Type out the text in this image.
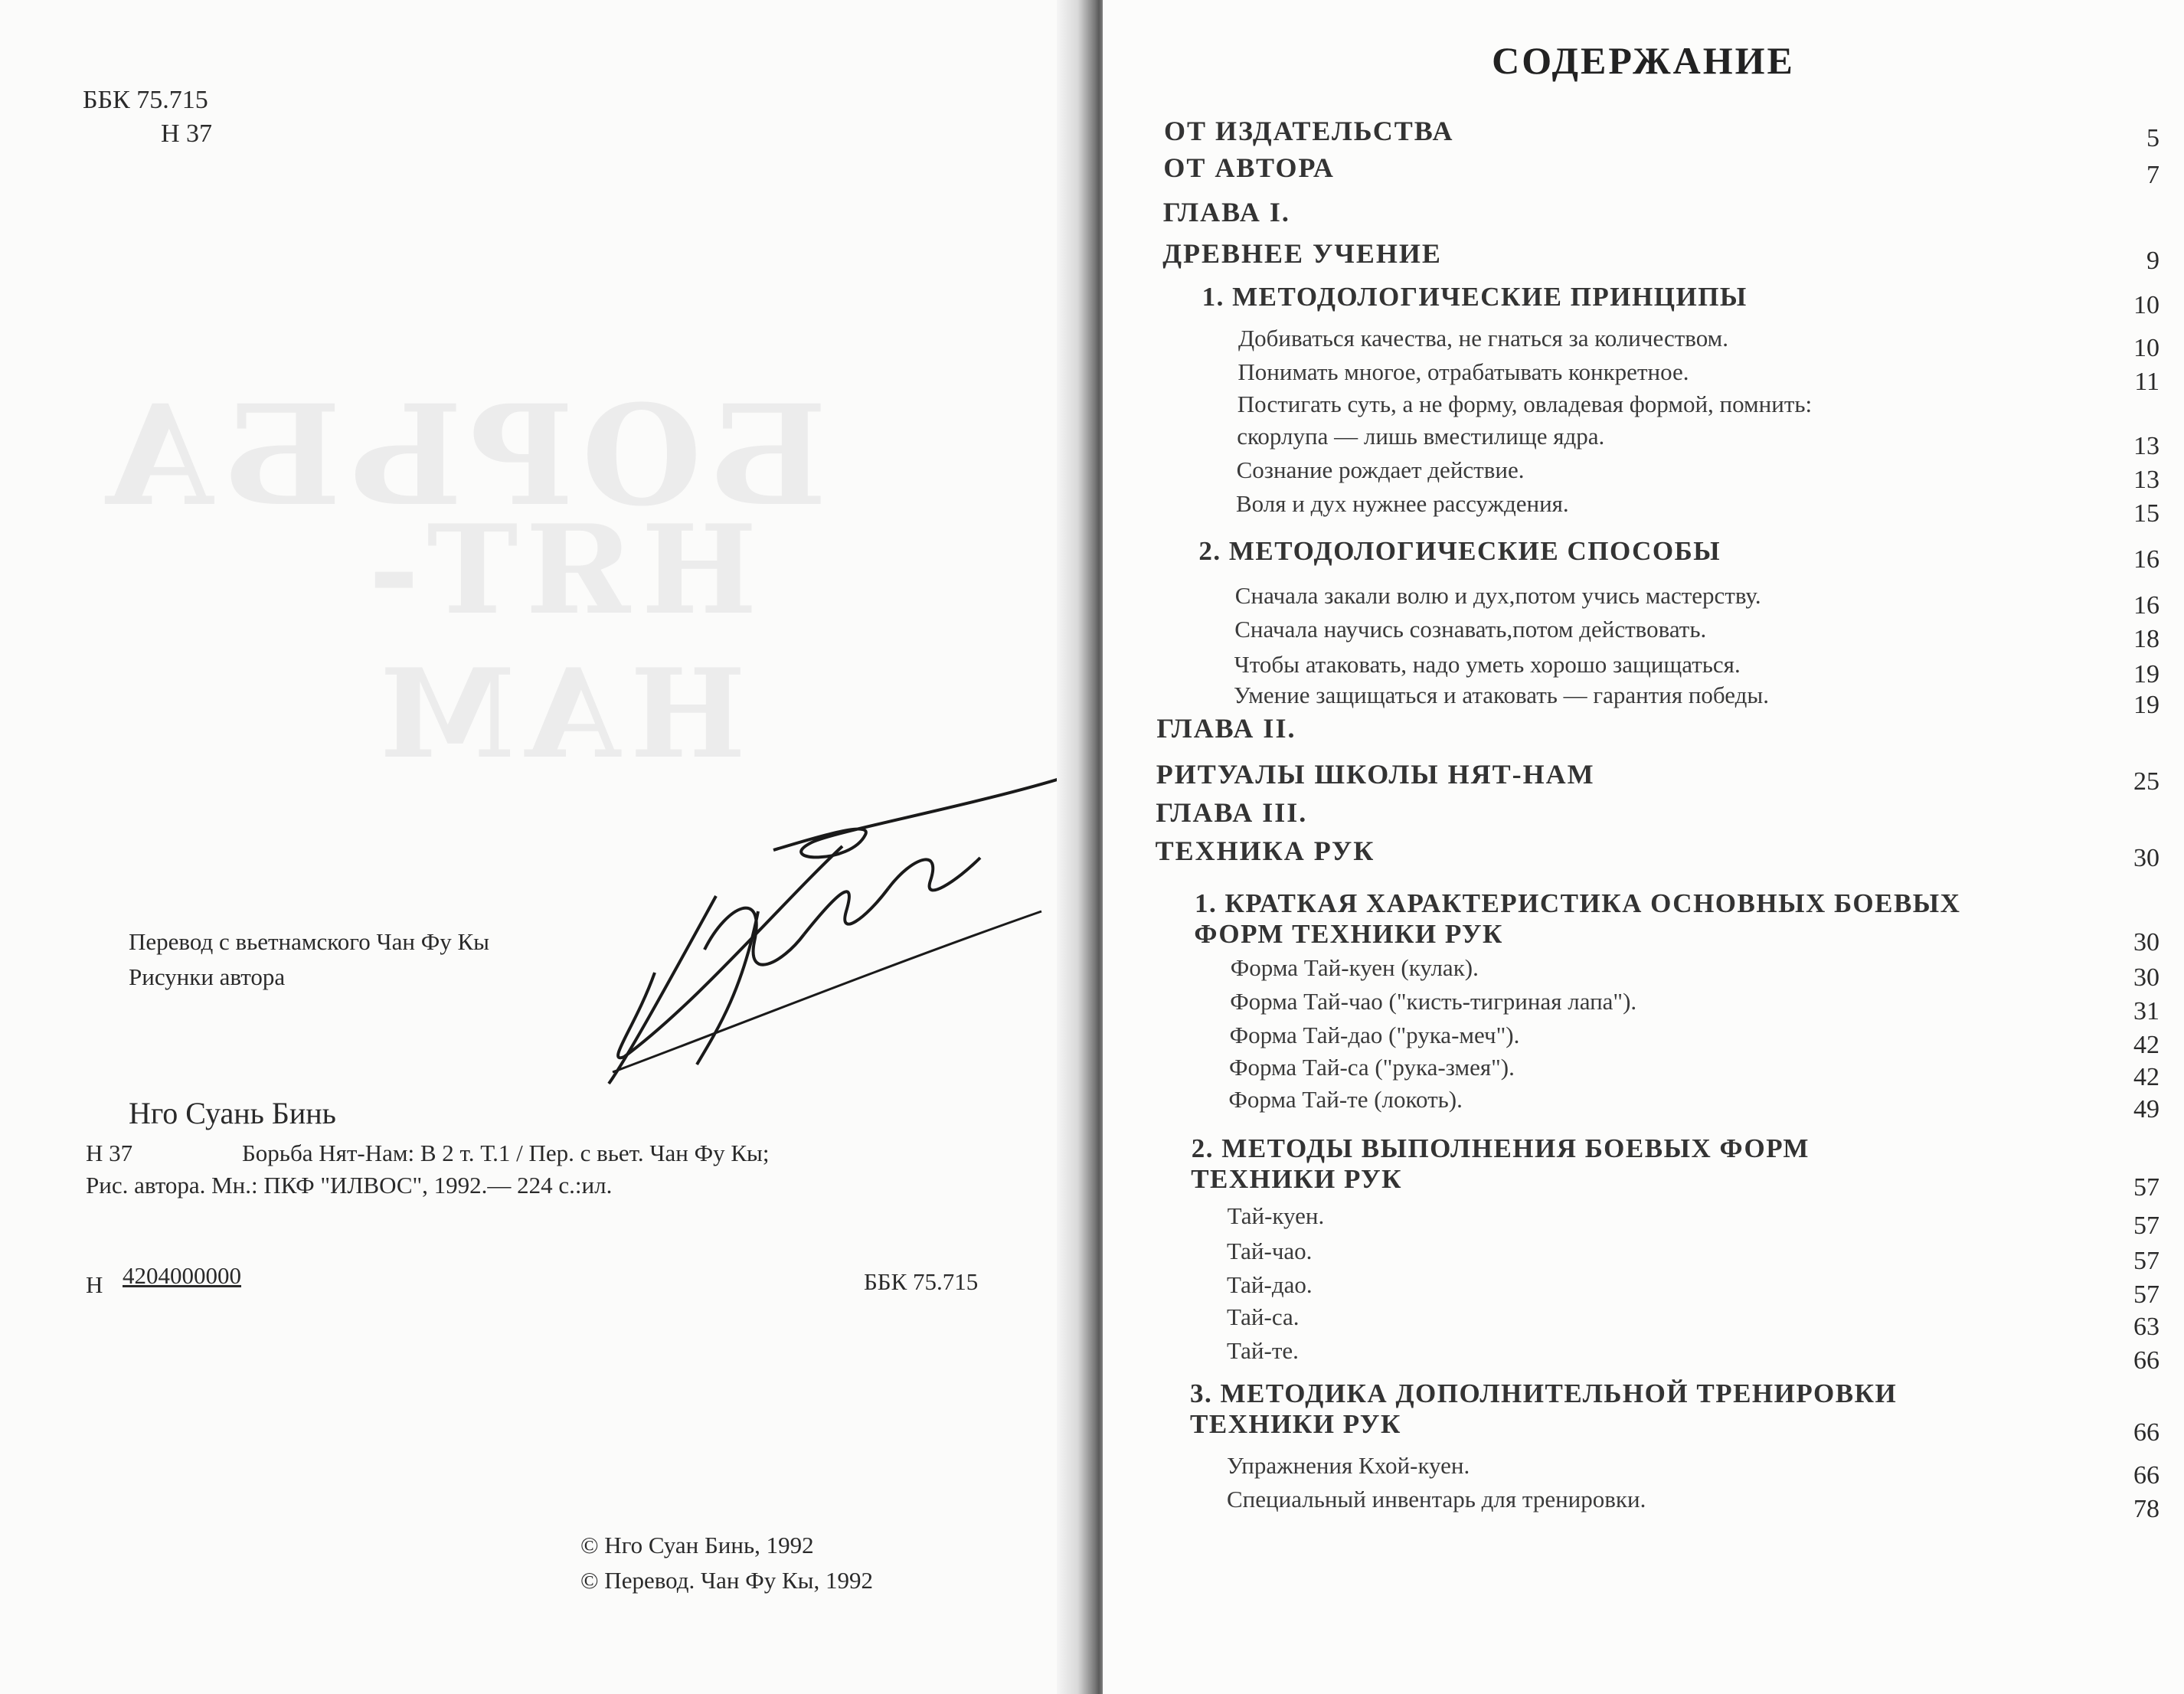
БОРЬБА
НЯТ-НАМ
ББК 75.715
Н 37
Перевод с вьетнамского Чан Фу Кы
Рисунки автора
Нго Суань Бинь
Н 37	Борьба Нят-Нам: В 2 т. Т.1 / Пер. с вьет. Чан Фу Кы;
Рис. автора. Мн.: ПКФ "ИЛВОС", 1992.— 224 с.:ил.
Н 4204000000	ББК 75.715
© Нго Суан Бинь, 1992
© Перевод. Чан Фу Кы, 1992
СОДЕРЖАНИЕ
ОТ ИЗДАТЕЛЬСТВА	5
ОТ АВТОРА	7
ГЛАВА I.
ДРЕВНЕЕ УЧЕНИЕ	9
1. МЕТОДОЛОГИЧЕСКИЕ ПРИНЦИПЫ	10
Добиваться качества, не гнаться за количеством.	10
Понимать многое, отрабатывать конкретное.	11
Постигать суть, а не форму, овладевая формой, помнить:
скорлупа — лишь вместилище ядра.	13
Сознание рождает действие.	13
Воля и дух нужнее рассуждения.	15
2. МЕТОДОЛОГИЧЕСКИЕ СПОСОБЫ	16
Сначала закали волю и дух,потом учись мастерству.	16
Сначала научись сознавать,потом действовать.	18
Чтобы атаковать, надо уметь хорошо защищаться.	19
Умение защищаться и атаковать — гарантия победы.	19
ГЛАВА II.
РИТУАЛЫ ШКОЛЫ НЯТ-НАМ	25
ГЛАВА III.
ТЕХНИКА РУК	30
1. КРАТКАЯ ХАРАКТЕРИСТИКА ОСНОВНЫХ БОЕВЫХ
ФОРМ ТЕХНИКИ РУК	30
Форма Тай-куен (кулак).	30
Форма Тай-чао ("кисть-тигриная лапа").	31
Форма Тай-дао ("рука-меч").	42
Форма Тай-са ("рука-змея").	42
Форма Тай-те (локоть).	49
2. МЕТОДЫ ВЫПОЛНЕНИЯ БОЕВЫХ ФОРМ
ТЕХНИКИ РУК	57
Тай-куен.	57
Тай-чао.	57
Тай-дао.	57
Тай-са.	63
Тай-те.	66
3. МЕТОДИКА ДОПОЛНИТЕЛЬНОЙ ТРЕНИРОВКИ
ТЕХНИКИ РУК	66
Упражнения Кхой-куен.	66
Специальный инвентарь для тренировки.	78
